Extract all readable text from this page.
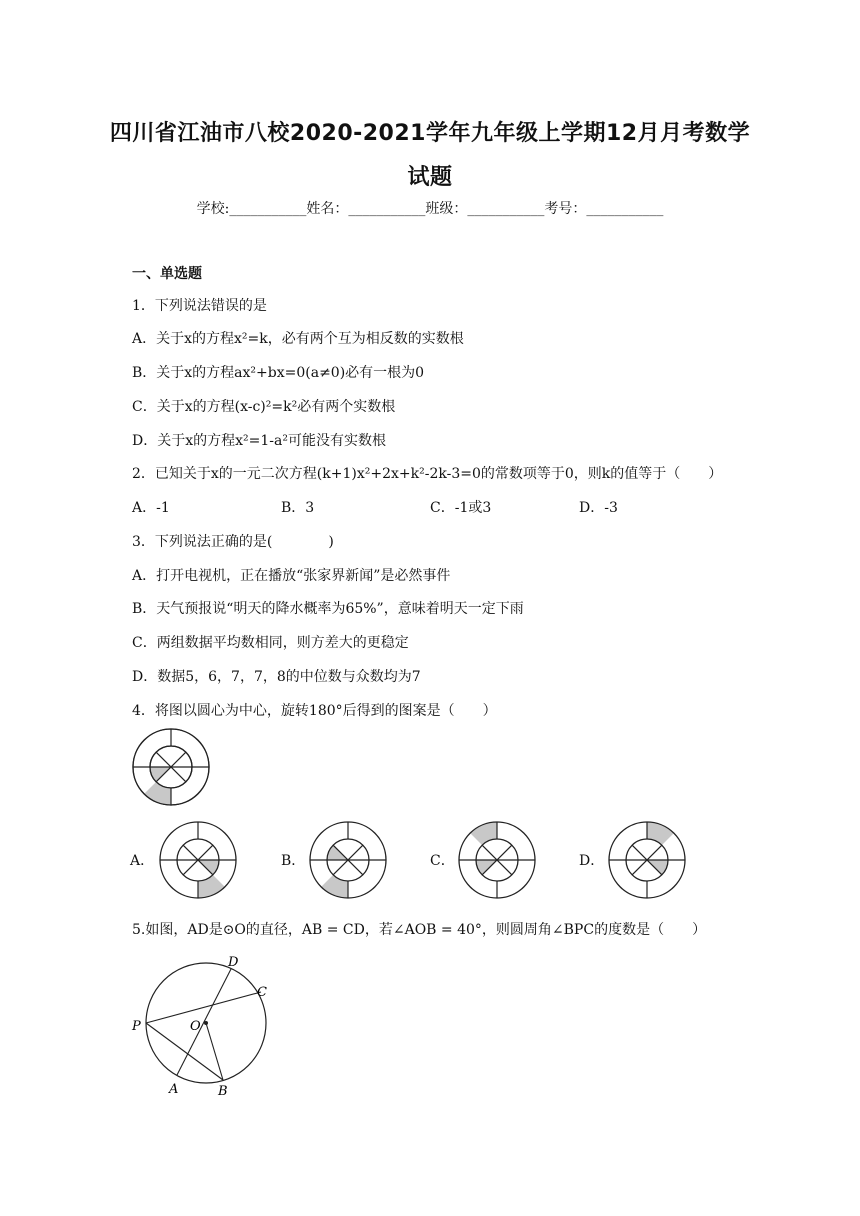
四川省江油市八校2020-2021学年九年级上学期12月月考数学
试题
学校:___________姓名：___________班级：___________考号：___________
一、单选题
1．下列说法错误的是
A．关于x的方程x²=k，必有两个互为相反数的实数根
B．关于x的方程ax²+bx=0(a≠0)必有一根为0
C．关于x的方程(x-c)²=k²必有两个实数根
D．关于x的方程x²=1-a²可能没有实数根
2．已知关于x的一元二次方程(k+1)x²+2x+k²-2k-3=0的常数项等于0，则k的值等于（　　）
A．-1	B．3	C．-1或3	D．-3
3．下列说法正确的是(　　　　)
A．打开电视机，正在播放“张家界新闻”是必然事件
B．天气预报说“明天的降水概率为65%”，意味着明天一定下雨
C．两组数据平均数相同，则方差大的更稳定
D．数据5，6，7，7，8的中位数与众数均为7
4．将图以圆心为中心，旋转180°后得到的图案是（　　）
A．	B．	C．	D．
5.如图，AD是⊙O的直径，AB = CD，若∠AOB = 40°，则圆周角∠BPC的度数是（　　）
D
C
P	O
A	B
